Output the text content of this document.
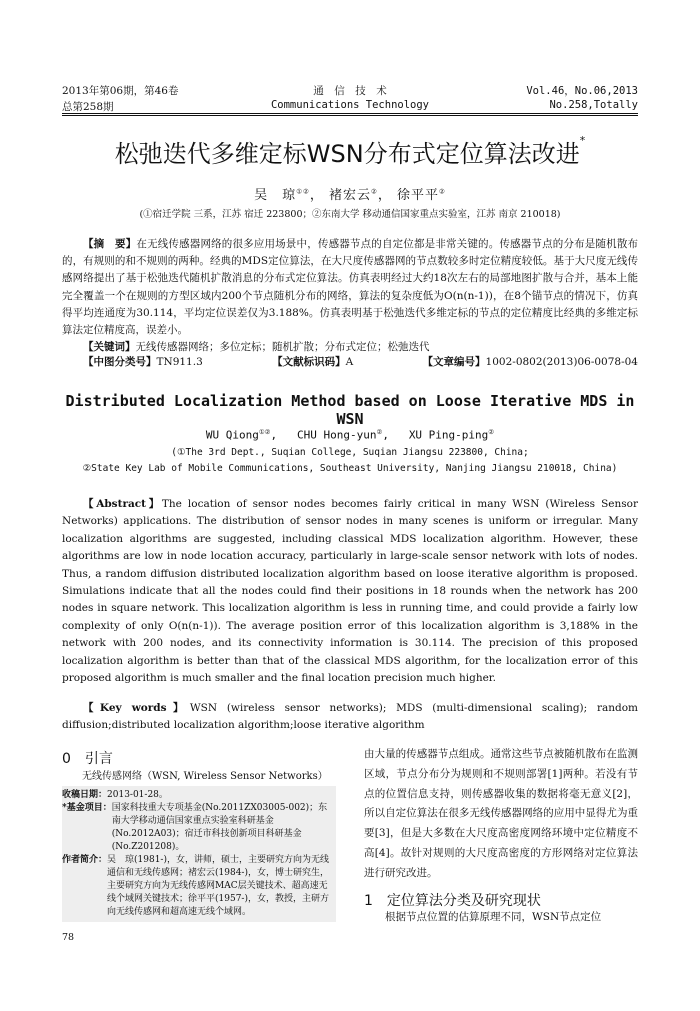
2013年第06期，第46卷	通　信　技　术	Vol.46，No.06,2013
总第258期	Communications Technology	No.258,Totally
松弛迭代多维定标WSN分布式定位算法改进*
吴　琼①②， 褚宏云②， 徐平平②
(①宿迁学院 三系，江苏 宿迁 223800；②东南大学 移动通信国家重点实验室，江苏 南京 210018)
【摘　要】在无线传感器网络的很多应用场景中，传感器节点的自定位都是非常关键的。传感器节点的分布是随机散布的，有规则的和不规则的两种。经典的MDS定位算法，在大尺度传感器网的节点数较多时定位精度较低。基于大尺度无线传感网络提出了基于松弛迭代随机扩散消息的分布式定位算法。仿真表明经过大约18次左右的局部地图扩散与合并，基本上能完全覆盖一个在规则的方型区域内200个节点随机分布的网络，算法的复杂度低为O(n(n-1))，在8个锚节点的情况下，仿真得平均连通度为30.114，平均定位误差仅为3.188%。仿真表明基于松弛迭代多维定标的节点的定位精度比经典的多维定标算法定位精度高，误差小。
【关键词】无线传感器网络；多位定标；随机扩散；分布式定位；松弛迭代
【中图分类号】TN911.3	【文献标识码】A	【文章编号】1002-0802(2013)06-0078-04
Distributed Localization Method based on Loose Iterative MDS in WSN
WU Qiong①②,   CHU Hong-yun②,   XU Ping-ping②
(①The 3rd Dept., Suqian College, Suqian Jiangsu 223800, China;
②State Key Lab of Mobile Communications, Southeast University, Nanjing Jiangsu 210018, China)
【Abstract】The location of sensor nodes becomes fairly critical in many WSN (Wireless Sensor Networks) applications. The distribution of sensor nodes in many scenes is uniform or irregular. Many localization algorithms are suggested, including classical MDS localization algorithm. However, these algorithms are low in node location accuracy, particularly in large-scale sensor network with lots of nodes. Thus, a random diffusion distributed localization algorithm based on loose iterative algorithm is proposed. Simulations indicate that all the nodes could find their positions in 18 rounds when the network has 200 nodes in square network. This localization algorithm is less in running time, and could provide a fairly low complexity of only O(n(n-1)). The average position error of this localization algorithm is 3,188% in the network with 200 nodes, and its connectivity information is 30.114. The precision of this proposed localization algorithm is better than that of the classical MDS algorithm, for the localization error of this proposed algorithm is much smaller and the final location precision much higher.
【Key words】WSN (wireless sensor networks); MDS (multi-dimensional scaling); random diffusion;distributed localization algorithm;loose iterative algorithm
0　引言
无线传感网络（WSN, Wireless Sensor Networks）
收稿日期： 2013-01-28。
*基金项目： 国家科技重大专项基金(No.2011ZX03005-002)；东南大学移动通信国家重点实验室科研基金(No.2012A03)；宿迁市科技创新项目科研基金(No.Z201208)。
作者简介： 吴　琼(1981-)，女，讲师，硕士，主要研究方向为无线通信和无线传感网；褚宏云(1984-)，女，博士研究生，主要研究方向为无线传感网MAC层关键技术、超高速无线个域网关键技术；徐平平(1957-)，女，教授，主研方向无线传感网和超高速无线个域网。
78
由大量的传感器节点组成。通常这些节点被随机散布在监测区域，节点分布分为规则和不规则部署[1]两种。若没有节点的位置信息支持，则传感器收集的数据将毫无意义[2]，所以自定位算法在很多无线传感器网络的应用中显得尤为重要[3]，但是大多数在大尺度高密度网络环境中定位精度不高[4]。故针对规则的大尺度高密度的方形网络对定位算法进行研究改进。
1　定位算法分类及研究现状
根据节点位置的估算原理不同，WSN节点定位
